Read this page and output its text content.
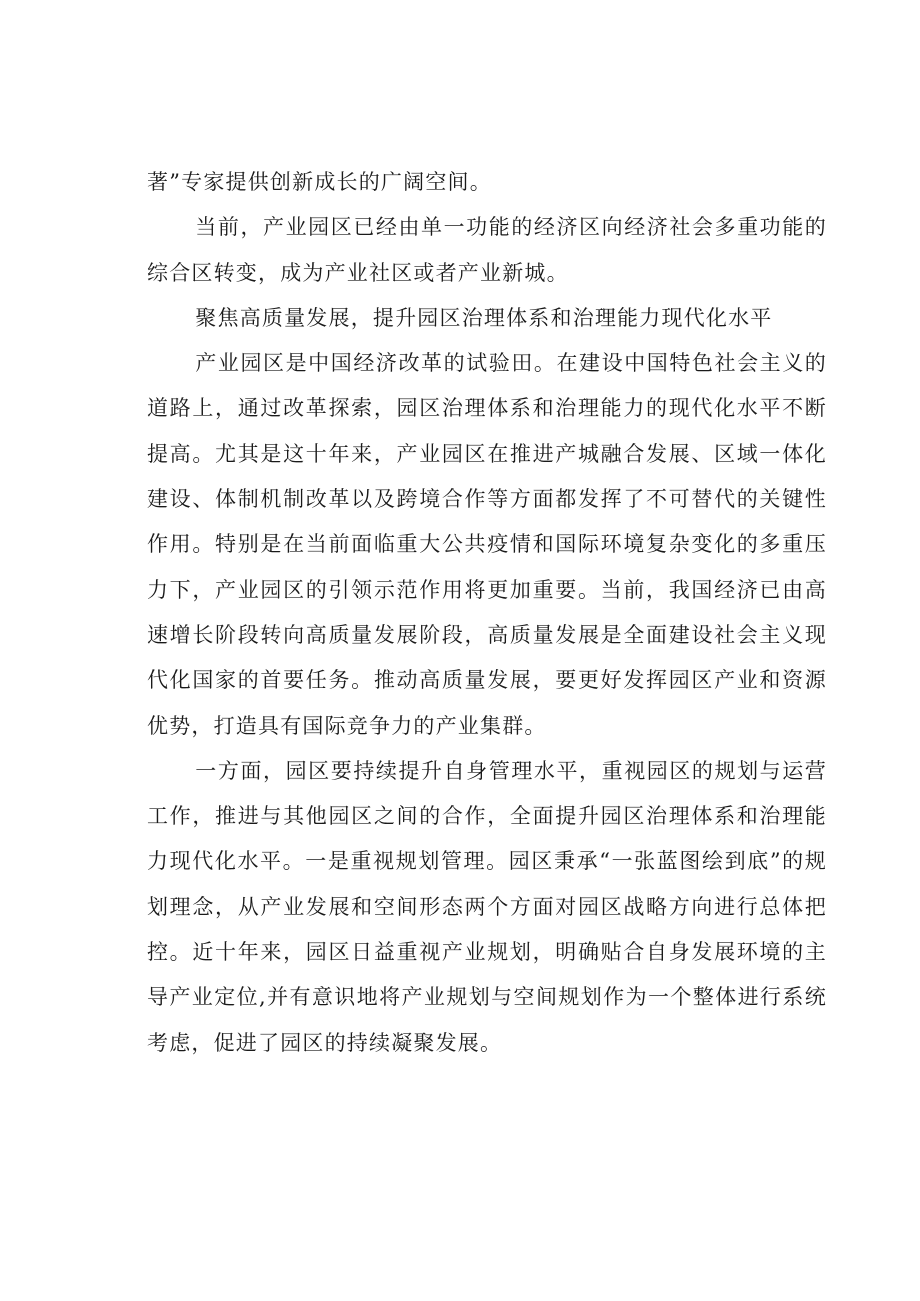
著”专家提供创新成长的广阔空间。

当前，产业园区已经由单一功能的经济区向经济社会多重功能的综合区转变，成为产业社区或者产业新城。

聚焦高质量发展，提升园区治理体系和治理能力现代化水平

产业园区是中国经济改革的试验田。在建设中国特色社会主义的道路上，通过改革探索，园区治理体系和治理能力的现代化水平不断提高。尤其是这十年来，产业园区在推进产城融合发展、区域一体化建设、体制机制改革以及跨境合作等方面都发挥了不可替代的关键性作用。特别是在当前面临重大公共疫情和国际环境复杂变化的多重压力下，产业园区的引领示范作用将更加重要。当前，我国经济已由高速增长阶段转向高质量发展阶段，高质量发展是全面建设社会主义现代化国家的首要任务。推动高质量发展，要更好发挥园区产业和资源优势，打造具有国际竞争力的产业集群。

一方面，园区要持续提升自身管理水平，重视园区的规划与运营工作，推进与其他园区之间的合作，全面提升园区治理体系和治理能力现代化水平。一是重视规划管理。园区秉承“一张蓝图绘到底”的规划理念，从产业发展和空间形态两个方面对园区战略方向进行总体把控。近十年来，园区日益重视产业规划，明确贴合自身发展环境的主导产业定位,并有意识地将产业规划与空间规划作为一个整体进行系统考虑，促进了园区的持续凝聚发展。
